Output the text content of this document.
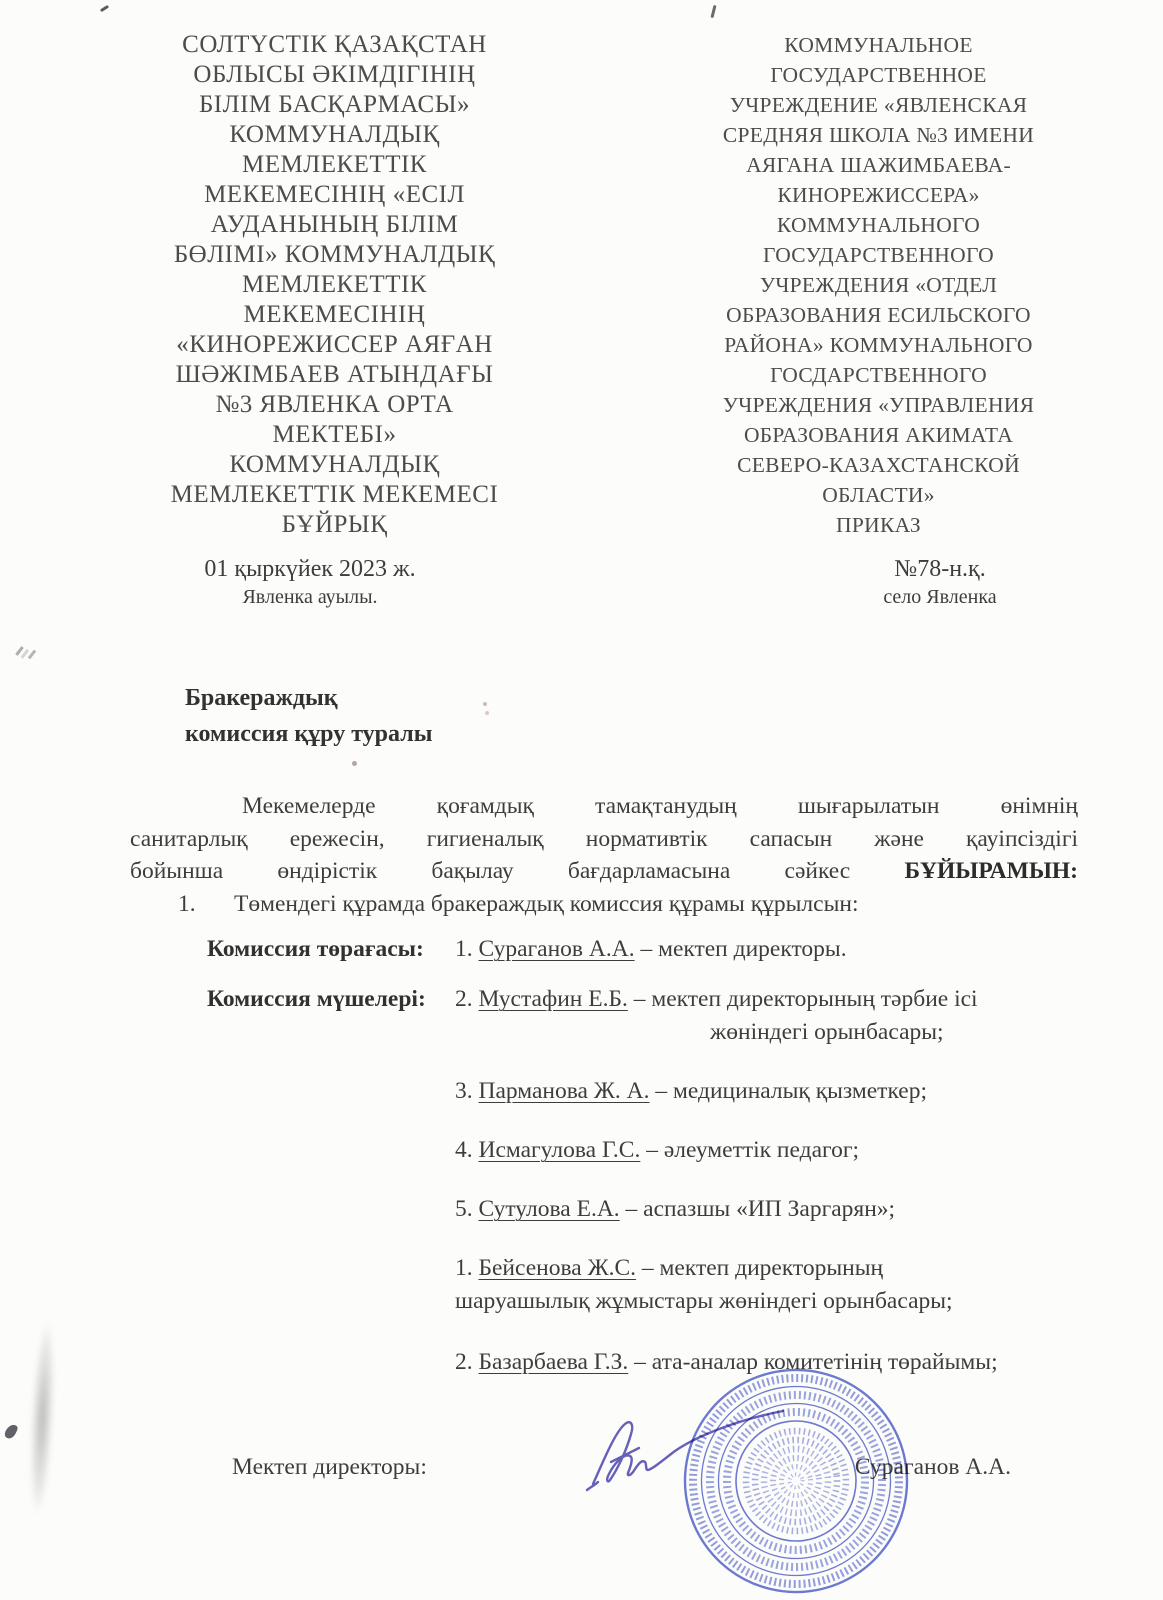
СОЛТҮСТІК ҚАЗАҚСТАН
ОБЛЫСЫ ӘКІМДІГІНІҢ
БІЛІМ БАСҚАРМАСЫ»
КОММУНАЛДЫҚ
МЕМЛЕКЕТТІК
МЕКЕМЕСІНІҢ «ЕСІЛ
АУДАНЫНЫҢ БІЛІМ
БӨЛІМІ» КОММУНАЛДЫҚ
МЕМЛЕКЕТТІК
МЕКЕМЕСІНІҢ
«КИНОРЕЖИССЕР АЯҒАН
ШӘЖІМБАЕВ АТЫНДАҒЫ
№3 ЯВЛЕНКА ОРТА
МЕКТЕБІ»
КОММУНАЛДЫҚ
МЕМЛЕКЕТТІК МЕКЕМЕСІ
БҰЙРЫҚ
КОММУНАЛЬНОЕ
ГОСУДАРСТВЕННОЕ
УЧРЕЖДЕНИЕ «ЯВЛЕНСКАЯ
СРЕДНЯЯ ШКОЛА №3 ИМЕНИ
АЯГАНА ШАЖИМБАЕВА-
КИНОРЕЖИССЕРА»
КОММУНАЛЬНОГО
ГОСУДАРСТВЕННОГО
УЧРЕЖДЕНИЯ «ОТДЕЛ
ОБРАЗОВАНИЯ ЕСИЛЬСКОГО
РАЙОНА» КОММУНАЛЬНОГО
ГОСДАРСТВЕННОГО
УЧРЕЖДЕНИЯ «УПРАВЛЕНИЯ
ОБРАЗОВАНИЯ АКИМАТА
СЕВЕРО-КАЗАХСТАНСКОЙ
ОБЛАСТИ»
ПРИКАЗ
01 қыркүйек 2023 ж.
Явленка ауылы.
№78-н.қ.
село Явленка
Бракераждық
комиссия құру туралы
Мекемелерде қоғамдық тамақтанудың шығарылатын өнімнің
санитарлық ережесін, гигиеналық нормативтік сапасын және қауіпсіздігі
бойынша өндірістік бақылау бағдарламасына сәйкес БҰЙЫРАМЫН:
1.	Төмендегі құрамда бракераждық комиссия құрамы құрылсын:
Комиссия төрағасы:	1. Сураганов А.А. – мектеп директоры.
Комиссия мүшелері:	2. Мустафин Е.Б. – мектеп директорының тәрбие ісі
жөніндегі орынбасары;
3. Парманова Ж. А. – медициналық қызметкер;
4. Исмагулова Г.С. – әлеуметтік педагог;
5. Сутулова Е.А. – аспазшы «ИП Заргарян»;
1. Бейсенова Ж.С. – мектеп директорының
шаруашылық жұмыстары жөніндегі орынбасары;
2. Базарбаева Г.З. – ата-аналар комитетінің төрайымы;
Мектеп директоры:	Сураганов А.А.
